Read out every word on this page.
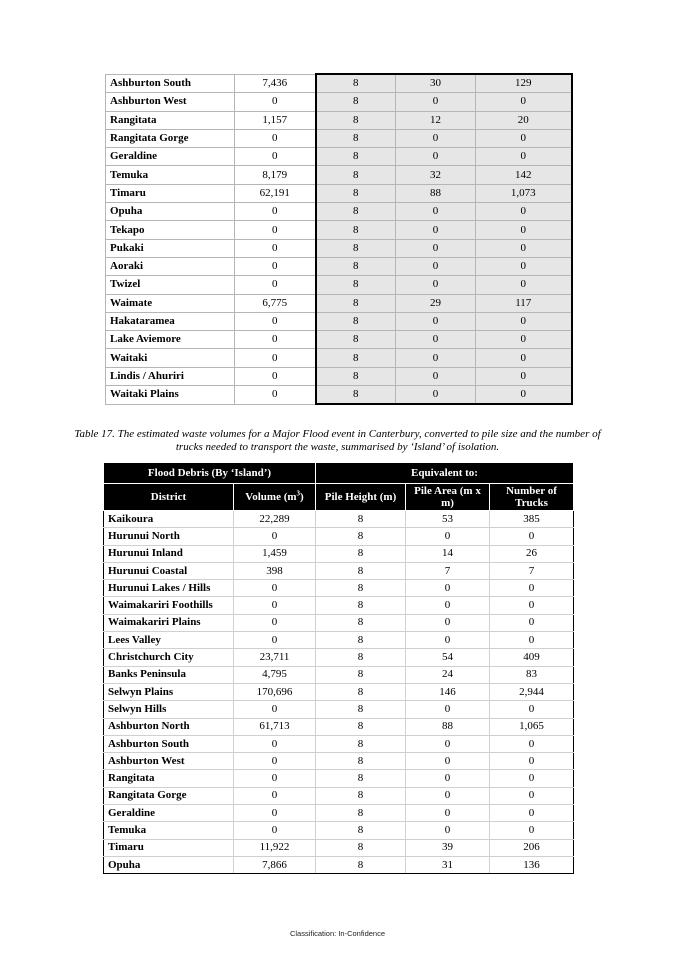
Ashburton South	7,436	8	30	129
Ashburton West	0	8	0	0
Rangitata	1,157	8	12	20
Rangitata Gorge	0	8	0	0
Geraldine	0	8	0	0
Temuka	8,179	8	32	142
Timaru	62,191	8	88	1,073
Opuha	0	8	0	0
Tekapo	0	8	0	0
Pukaki	0	8	0	0
Aoraki	0	8	0	0
Twizel	0	8	0	0
Waimate	6,775	8	29	117
Hakataramea	0	8	0	0
Lake Aviemore	0	8	0	0
Waitaki	0	8	0	0
Lindis / Ahuriri	0	8	0	0
Waitaki Plains	0	8	0	0
Table 17. The estimated waste volumes for a Major Flood event in Canterbury, converted to pile size and the number of trucks needed to transport the waste, summarised by ‘Island’ of isolation.
Flood Debris (By ‘Island’)		Equivalent to:		
District	Volume $(m^3)$	Pile Height (m)	Pile Area (m x m)	Number of Trucks
Kaikoura	22,289	8	53	385
Hurunui North	0	8	0	0
Hurunui Inland	1,459	8	14	26
Hurunui Coastal	398	8	7	7
Hurunui Lakes / Hills	0	8	0	0
Waimakariri Foothills	0	8	0	0
Waimakariri Plains	0	8	0	0
Lees Valley	0	8	0	0
Christchurch City	23,711	8	54	409
Banks Peninsula	4,795	8	24	83
Selwyn Plains	170,696	8	146	2,944
Selwyn Hills	0	8	0	0
Ashburton North	61,713	8	88	1,065
Ashburton South	0	8	0	0
Ashburton West	0	8	0	0
Rangitata	0	8	0	0
Rangitata Gorge	0	8	0	0
Geraldine	0	8	0	0
Temuka	0	8	0	0
Timaru	11,922	8	39	206
Opuha	7,866	8	31	136
Classification: In-Confidence
